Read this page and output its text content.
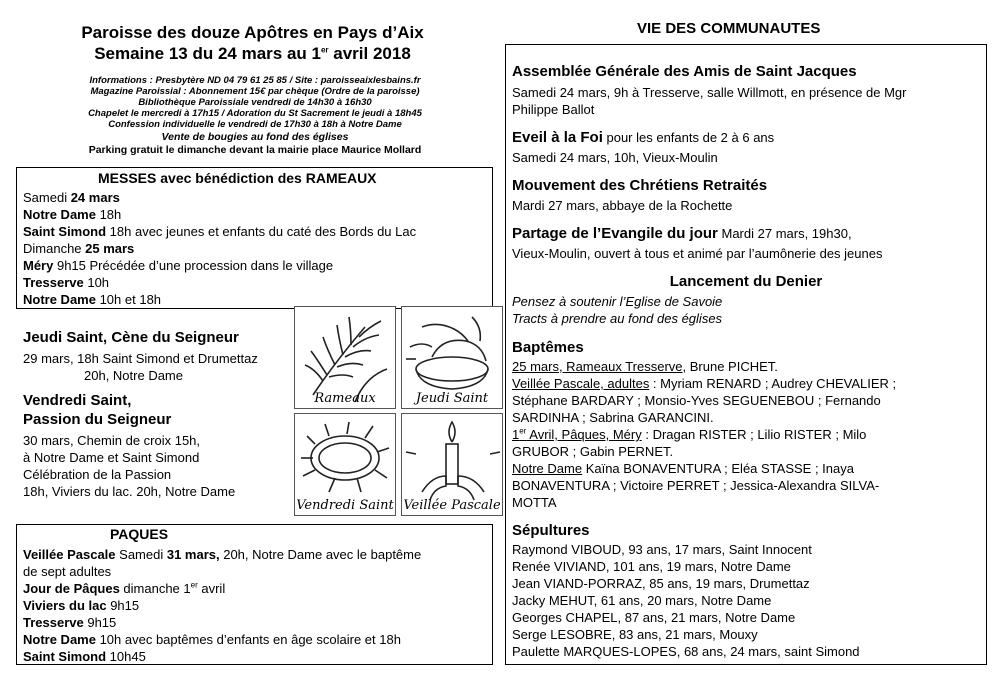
Paroisse des douze Apôtres en Pays d’Aix
Semaine 13 du 24 mars au 1er avril 2018
Informations : Presbytère ND 04 79 61 25 85 / Site : paroisseaixlesbains.fr
Magazine Paroissial : Abonnement 15€ par chèque (Ordre de la paroisse)
Bibliothèque Paroissiale vendredi de 14h30 à 16h30
Chapelet le mercredi à 17h15 / Adoration du St Sacrement le jeudi à 18h45
Confession individuelle le vendredi de 17h30 à 18h à Notre Dame
Vente de bougies au fond des églises
Parking gratuit le dimanche devant la mairie place Maurice Mollard
MESSES avec bénédiction des RAMEAUX
Samedi 24 mars
Notre Dame 18h
Saint Simond 18h avec jeunes et enfants du caté des Bords du Lac
Dimanche 25 mars
Méry 9h15 Précédée d’une procession dans le village
Tresserve 10h
Notre Dame 10h et 18h
Jeudi Saint, Cène du Seigneur
29 mars, 18h Saint Simond et Drumettaz
20h, Notre Dame
Vendredi Saint,
Passion du Seigneur
30 mars, Chemin de croix 15h,
à Notre Dame et Saint Simond
Célébration de la Passion
18h, Viviers du lac. 20h, Notre Dame
Rameaux	Jeudi Saint
Vendredi Saint Veillée Pascale
PAQUES
Veillée Pascale Samedi 31 mars, 20h, Notre Dame avec le baptême
de sept adultes
Jour de Pâques dimanche 1er avril
Viviers du lac 9h15
Tresserve 9h15
Notre Dame 10h avec baptêmes d’enfants en âge scolaire et 18h
Saint Simond 10h45
VIE DES COMMUNAUTES
Assemblée Générale des Amis de Saint Jacques
Samedi 24 mars, 9h à Tresserve, salle Willmott, en présence de Mgr
Philippe Ballot
Eveil à la Foi pour les enfants de 2 à 6 ans
Samedi 24 mars, 10h, Vieux-Moulin
Mouvement des Chrétiens Retraités
Mardi 27 mars, abbaye de la Rochette
Partage de l’Evangile du jour Mardi 27 mars, 19h30,
Vieux-Moulin, ouvert à tous et animé par l’aumônerie des jeunes
Lancement du Denier
Pensez à soutenir l’Eglise de Savoie
Tracts à prendre au fond des églises
Baptêmes
25 mars, Rameaux Tresserve, Brune PICHET.
Veillée Pascale, adultes : Myriam RENARD ; Audrey CHEVALIER ;
Stéphane BARDARY ; Monsio-Yves SEGUENEBOU ; Fernando
SARDINHA ; Sabrina GARANCINI.
1er Avril, Pâques, Méry : Dragan RISTER ; Lilio RISTER ; Milo
GRUBOR ; Gabin PERNET.
Notre Dame Kaïna BONAVENTURA ; Eléa STASSE ; Inaya
BONAVENTURA ; Victoire PERRET ; Jessica-Alexandra SILVA-
MOTTA
Sépultures
Raymond VIBOUD, 93 ans, 17 mars, Saint Innocent
Renée VIVIAND, 101 ans, 19 mars, Notre Dame
Jean VIAND-PORRAZ, 85 ans, 19 mars, Drumettaz
Jacky MEHUT, 61 ans, 20 mars, Notre Dame
Georges CHAPEL, 87 ans, 21 mars, Notre Dame
Serge LESOBRE, 83 ans, 21 mars, Mouxy
Paulette MARQUES-LOPES, 68 ans, 24 mars, saint Simond
